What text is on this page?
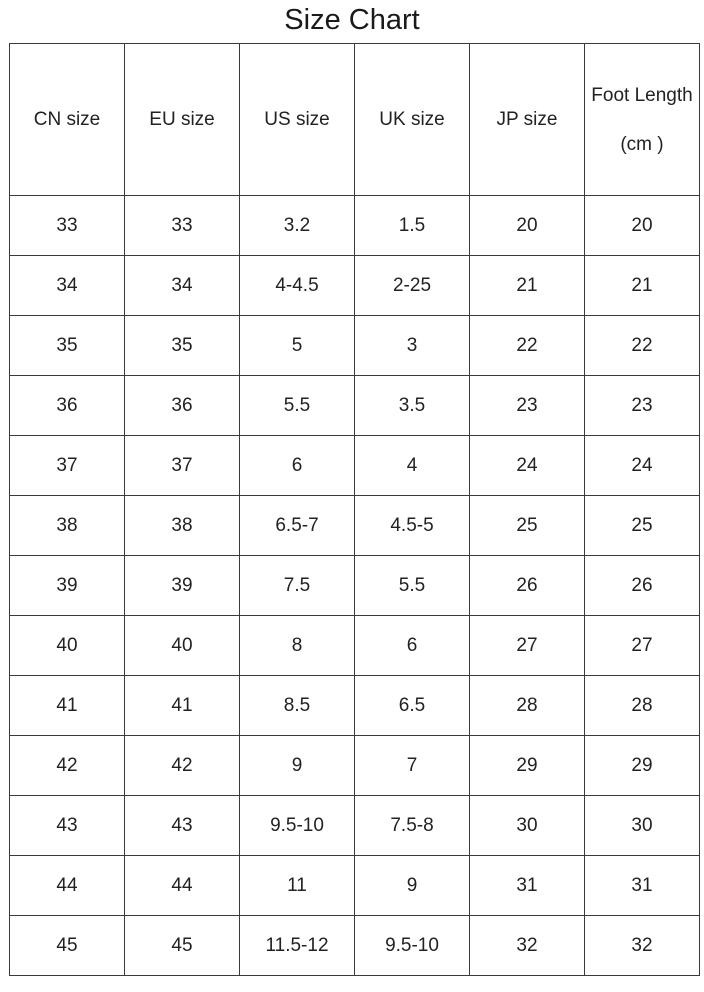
Size Chart
CN size	EU size	US size	UK size	JP size	Foot Length(cm )
33	33	3.2	1.5	20	20
34	34	4-4.5	2-25	21	21
35	35	5	3	22	22
36	36	5.5	3.5	23	23
37	37	6	4	24	24
38	38	6.5-7	4.5-5	25	25
39	39	7.5	5.5	26	26
40	40	8	6	27	27
41	41	8.5	6.5	28	28
42	42	9	7	29	29
43	43	9.5-10	7.5-8	30	30
44	44	11	9	31	31
45	45	11.5-12	9.5-10	32	32
